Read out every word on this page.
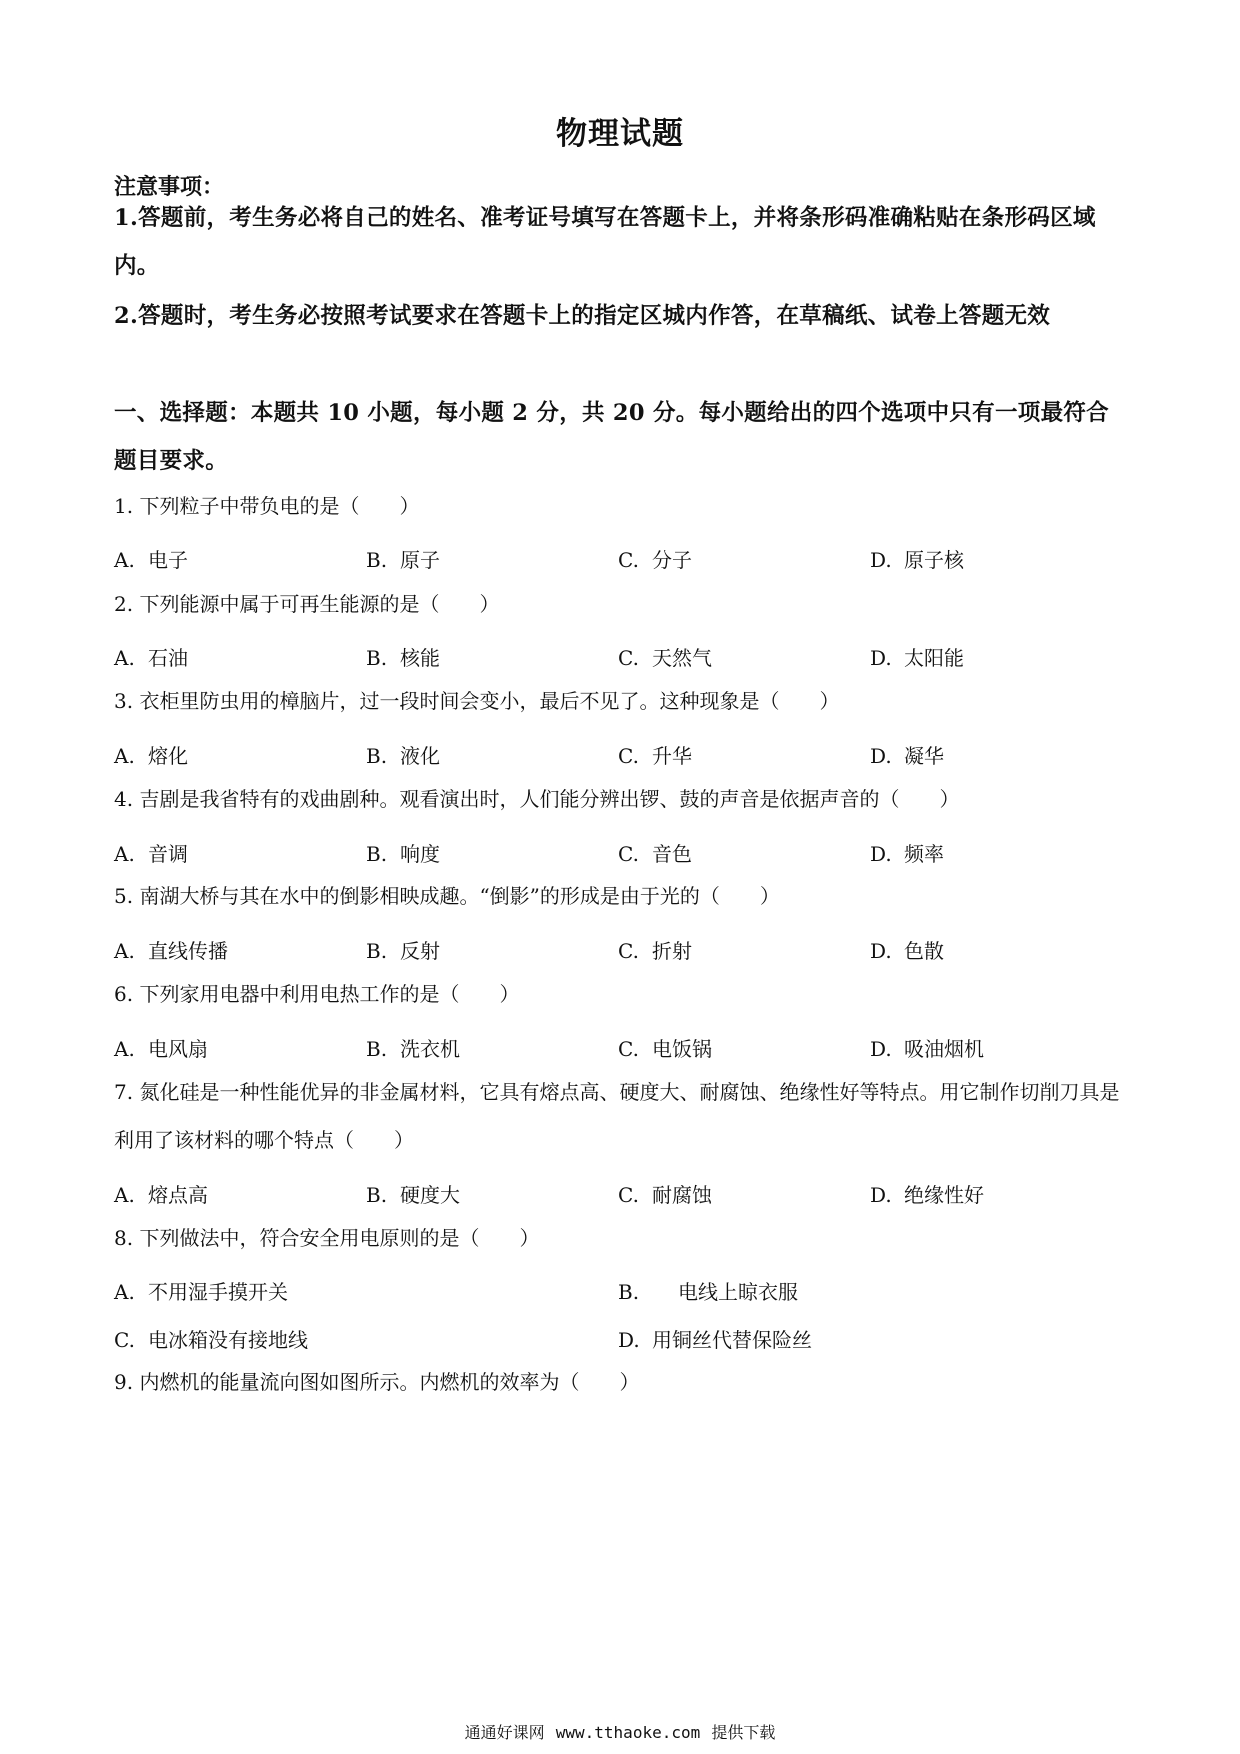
物理试题
注意事项：
1.答题前，考生务必将自己的姓名、准考证号填写在答题卡上，并将条形码准确粘贴在条形码区域内。
2.答题时，考生务必按照考试要求在答题卡上的指定区城内作答，在草稿纸、试卷上答题无效
一、选择题：本题共 10 小题，每小题 2 分，共 20 分。每小题给出的四个选项中只有一项最符合题目要求。
1. 下列粒子中带负电的是（　　）
A. 电子	B. 原子	C. 分子	D. 原子核
2. 下列能源中属于可再生能源的是（　　）
A. 石油	B. 核能	C. 天然气	D. 太阳能
3. 衣柜里防虫用的樟脑片，过一段时间会变小，最后不见了。这种现象是（　　）
A. 熔化	B. 液化	C. 升华	D. 凝华
4. 吉剧是我省特有的戏曲剧种。观看演出时，人们能分辨出锣、鼓的声音是依据声音的（　　）
A. 音调	B. 响度	C. 音色	D. 频率
5. 南湖大桥与其在水中的倒影相映成趣。“倒影”的形成是由于光的（　　）
A. 直线传播	B. 反射	C. 折射	D. 色散
6. 下列家用电器中利用电热工作的是（　　）
A. 电风扇	B. 洗衣机	C. 电饭锅	D. 吸油烟机
7. 氮化硅是一种性能优异的非金属材料，它具有熔点高、硬度大、耐腐蚀、绝缘性好等特点。用它制作切削刀具是利用了该材料的哪个特点（　　）
A. 熔点高	B. 硬度大	C. 耐腐蚀	D. 绝缘性好
8. 下列做法中，符合安全用电原则的是（　　）
A. 不用湿手摸开关	B. 电线上晾衣服
C. 电冰箱没有接地线	D. 用铜丝代替保险丝
9. 内燃机的能量流向图如图所示。内燃机的效率为（　　）
通通好课网 www.tthaoke.com 提供下载
